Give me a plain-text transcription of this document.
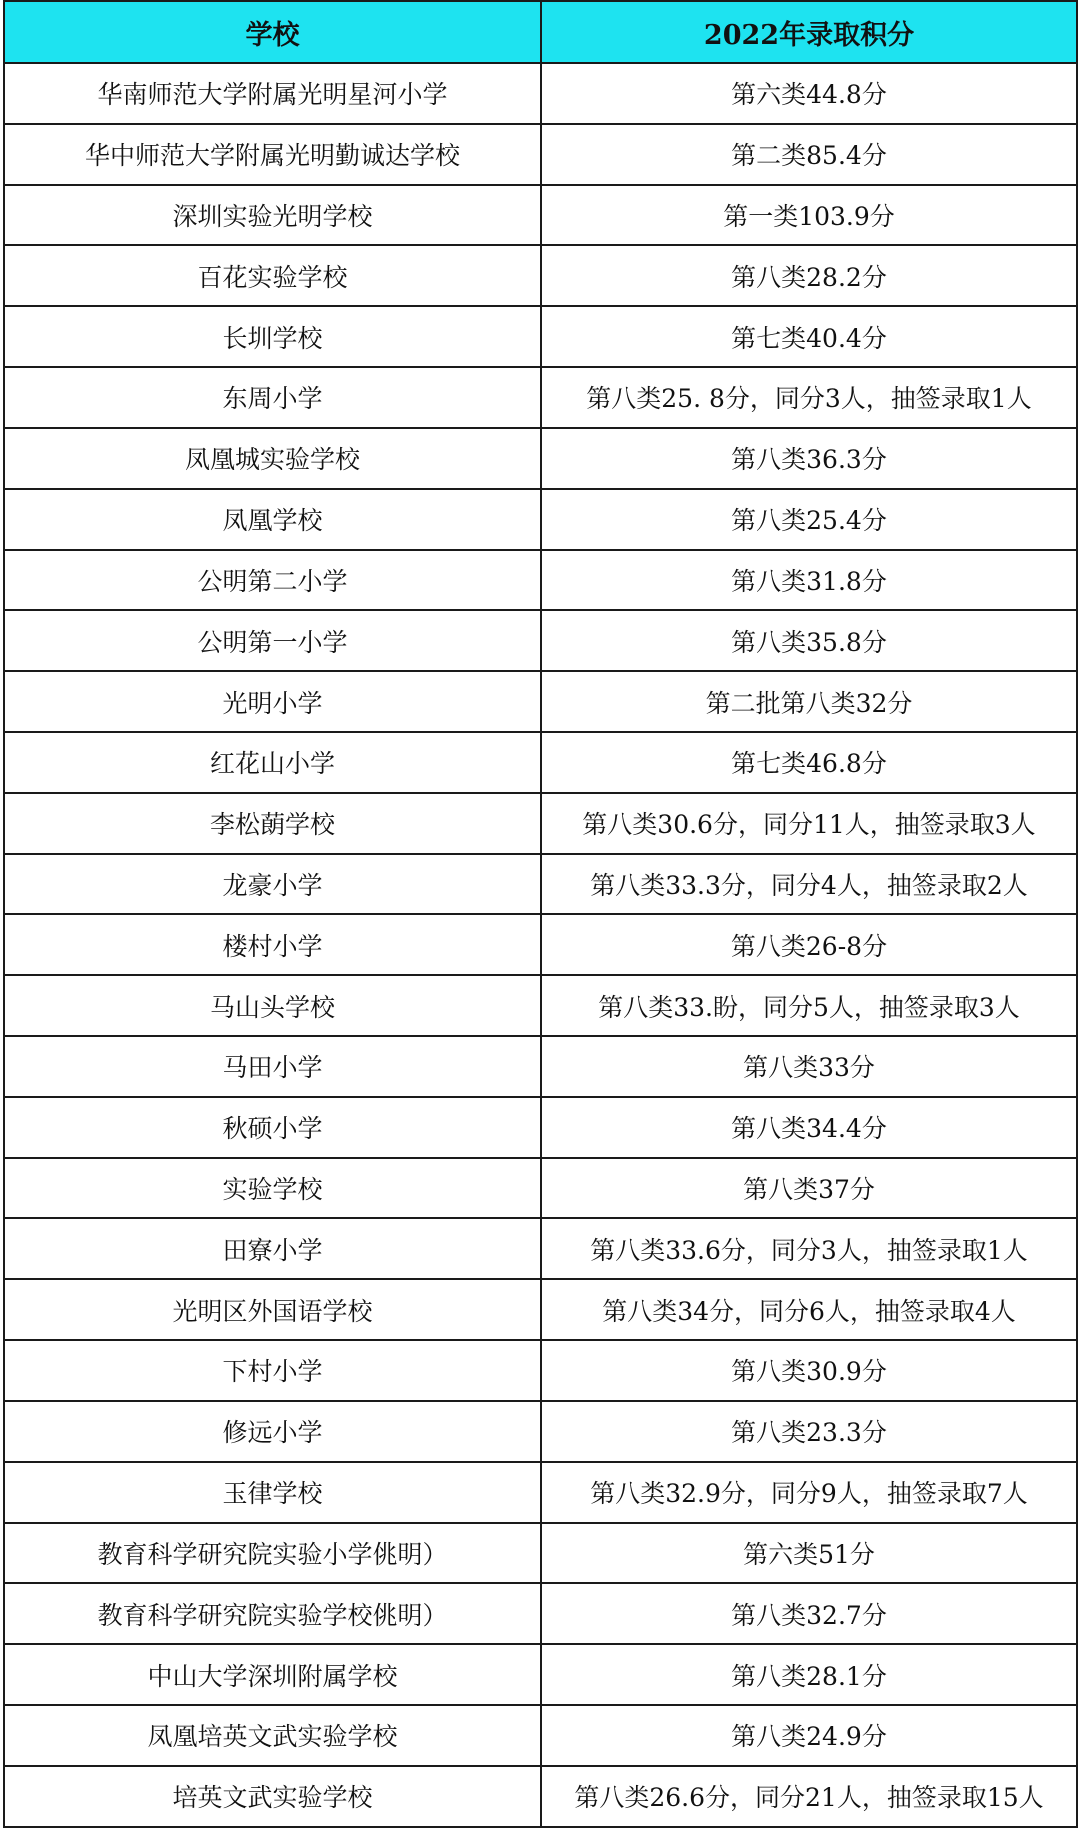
学校	2022年录取积分
华南师范大学附属光明星河小学	第六类44.8分
华中师范大学附属光明勤诚达学校	第二类85.4分
深圳实验光明学校	第一类103.9分
百花实验学校	第八类28.2分
长圳学校	第七类40.4分
东周小学	第八类25. 8分，同分3人，抽签录取1人
凤凰城实验学校	第八类36.3分
凤凰学校	第八类25.4分
公明第二小学	第八类31.8分
公明第一小学	第八类35.8分
光明小学	第二批第八类32分
红花山小学	第七类46.8分
李松蓢学校	第八类30.6分，同分11人，抽签录取3人
龙豪小学	第八类33.3分，同分4人，抽签录取2人
楼村小学	第八类26-8分
马山头学校	第八类33.盼，同分5人，抽签录取3人
马田小学	第八类33分
秋硕小学	第八类34.4分
实验学校	第八类37分
田寮小学	第八类33.6分，同分3人，抽签录取1人
光明区外国语学校	第八类34分，同分6人，抽签录取4人
下村小学	第八类30.9分
修远小学	第八类23.3分
玉律学校	第八类32.9分，同分9人，抽签录取7人
教育科学研究院实验小学佻明）	第六类51分
教育科学研究院实验学校佻明）	第八类32.7分
中山大学深圳附属学校	第八类28.1分
凤凰培英文武实验学校	第八类24.9分
培英文武实验学校	第八类26.6分，同分21人，抽签录取15人
